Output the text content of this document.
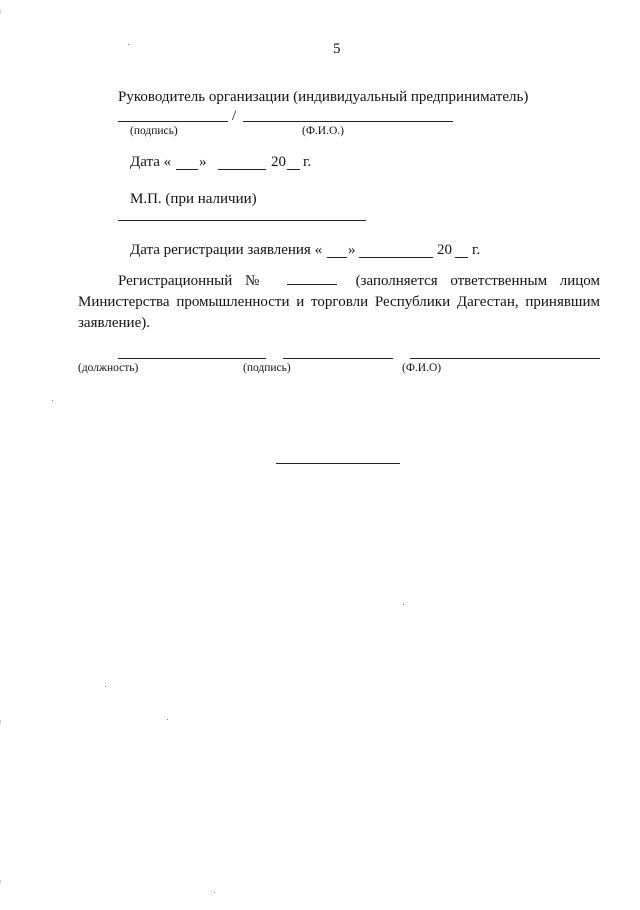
5
Руководитель организации (индивидуальный предприниматель)
/
(подпись)	(Ф.И.О.)
Дата « »	20 г.
М.П. (при наличии)
Дата регистрации заявления « »	20 г.
Регистрационный №	(заполняется ответственным лицом Министерства промышленности и торговли Республики Дагестан, принявшим заявление).
(должность)	(подпись)	(Ф.И.О)
